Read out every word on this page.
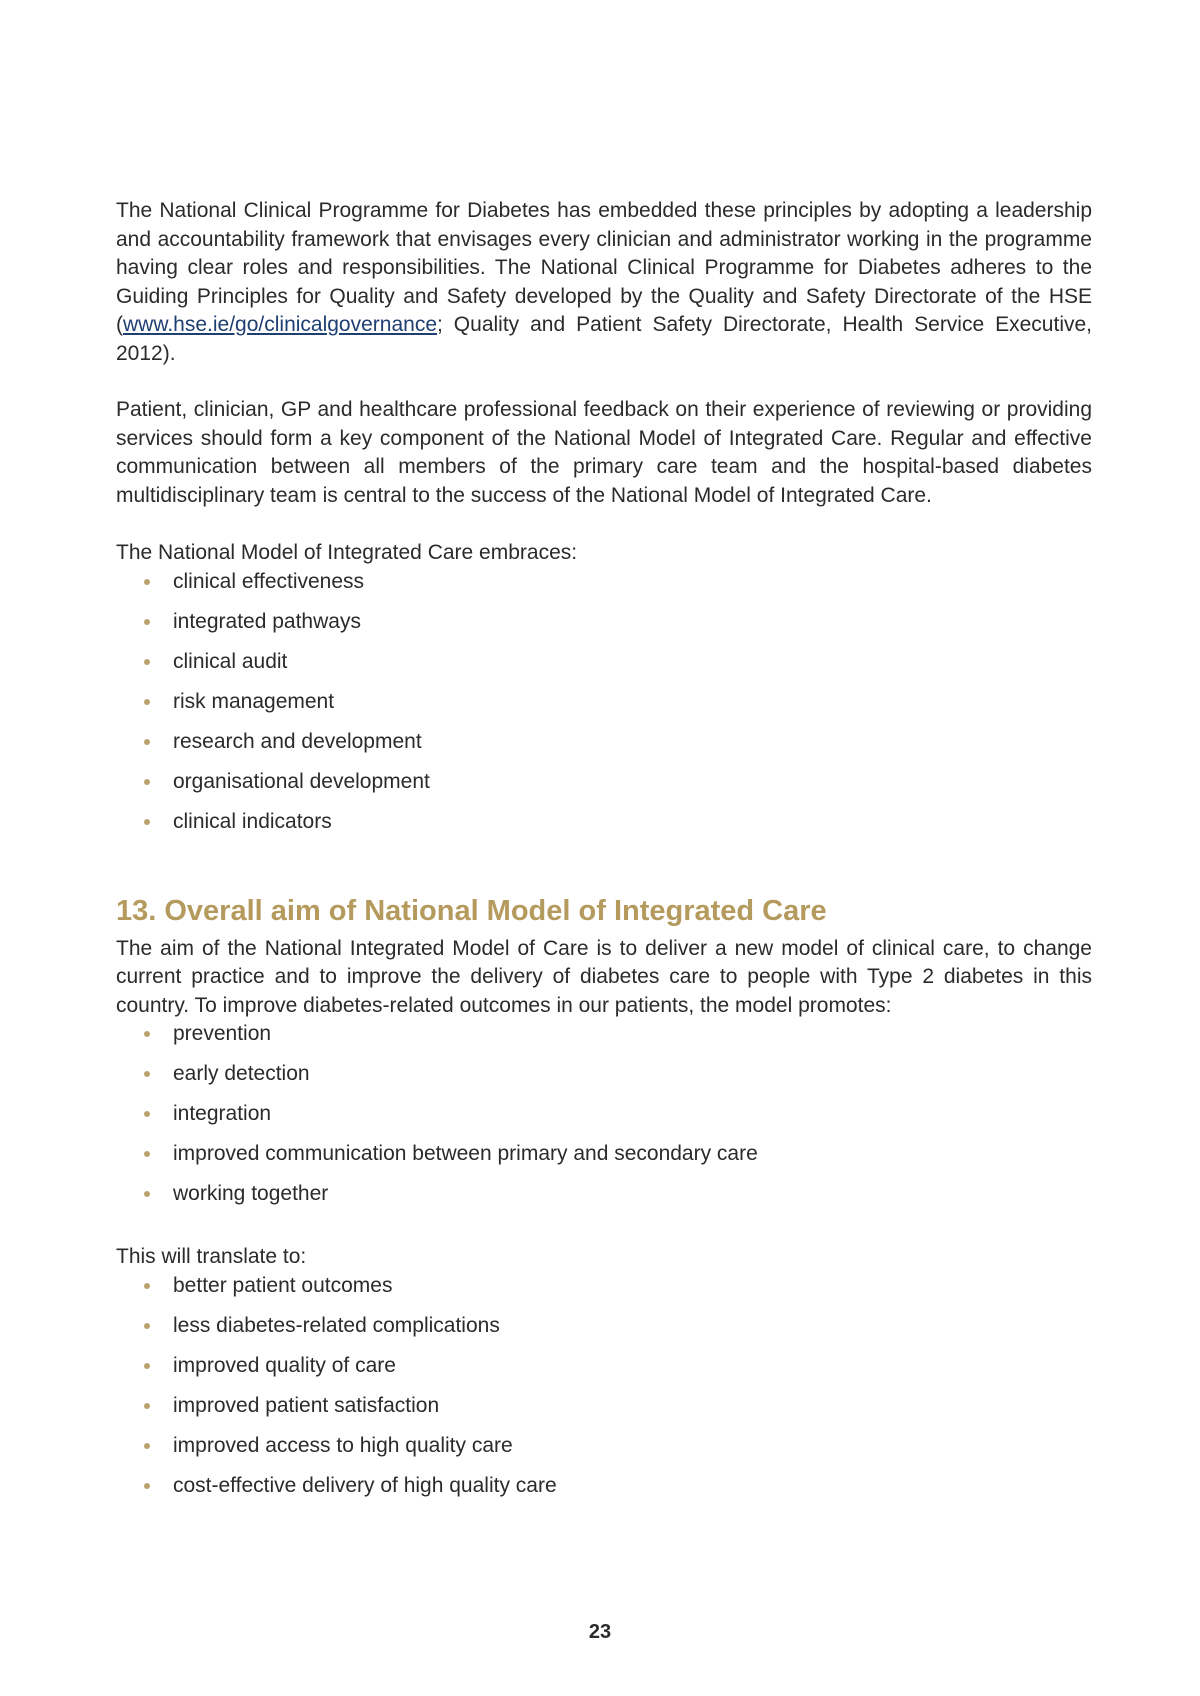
The National Clinical Programme for Diabetes has embedded these principles by adopting a leadership and accountability framework that envisages every clinician and administrator working in the programme having clear roles and responsibilities. The National Clinical Programme for Diabetes adheres to the Guiding Principles for Quality and Safety developed by the Quality and Safety Directorate of the HSE (www.hse.ie/go/clinicalgovernance; Quality and Patient Safety Directorate, Health Service Executive, 2012).

Patient, clinician, GP and healthcare professional feedback on their experience of reviewing or providing services should form a key component of the National Model of Integrated Care. Regular and effective communication between all members of the primary care team and the hospital-based diabetes multidisciplinary team is central to the success of the National Model of Integrated Care.

The National Model of Integrated Care embraces:

clinical effectiveness
integrated pathways
clinical audit
risk management
research and development
organisational development
clinical indicators
13. Overall aim of National Model of Integrated Care

The aim of the National Integrated Model of Care is to deliver a new model of clinical care, to change current practice and to improve the delivery of diabetes care to people with Type 2 diabetes in this country. To improve diabetes-related outcomes in our patients, the model promotes:

prevention
early detection
integration
improved communication between primary and secondary care
working together

This will translate to:

better patient outcomes
less diabetes-related complications
improved quality of care
improved patient satisfaction
improved access to high quality care
cost-effective delivery of high quality care
23
